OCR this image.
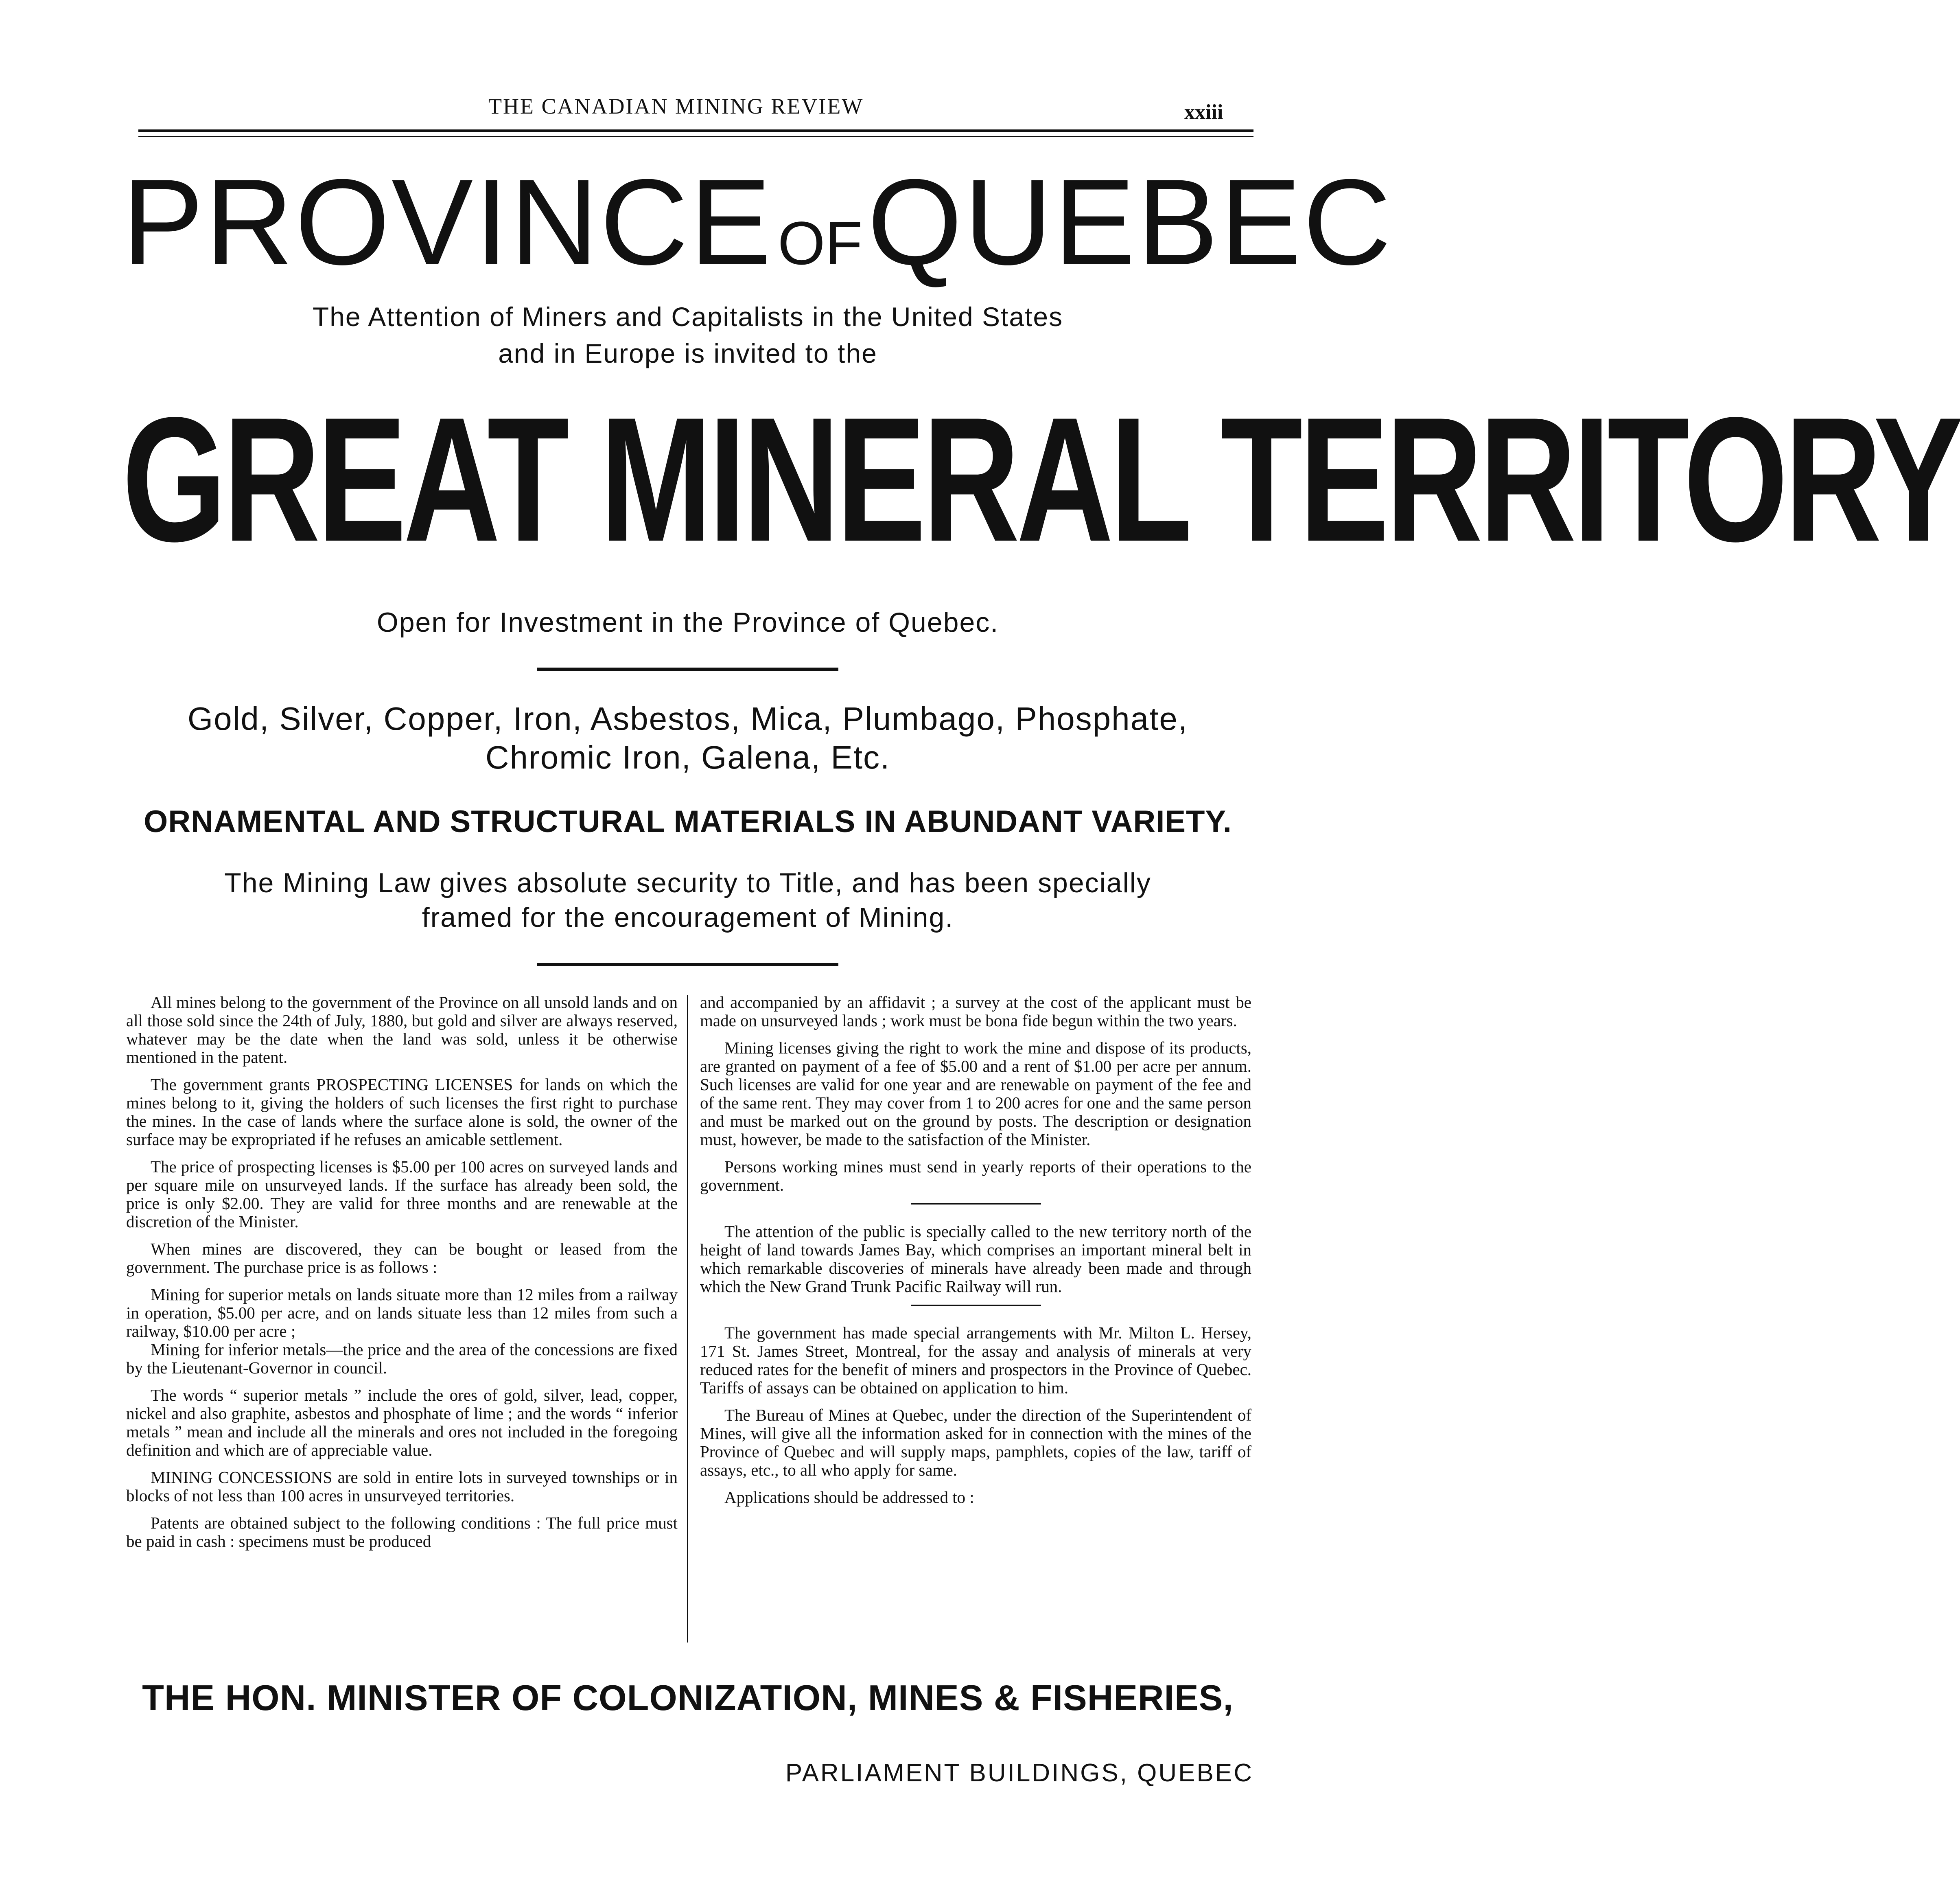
THE CANADIAN MINING REVIEW	xxiii
PROVINCEOFQUEBEC
The Attention of Miners and Capitalists in the United States
and in Europe is invited to the
GREAT MINERAL TERRITORY
Open for Investment in the Province of Quebec.
Gold, Silver, Copper, Iron, Asbestos, Mica, Plumbago, Phosphate,
Chromic Iron, Galena, Etc.
ORNAMENTAL AND STRUCTURAL MATERIALS IN ABUNDANT VARIETY.
The Mining Law gives absolute security to Title, and has been specially
framed for the encouragement of Mining.

All mines belong to the government of the Province on all unsold lands and on all those sold since the 24th of July, 1880, but gold and silver are always reserved, whatever may be the date when the land was sold, unless it be otherwise mentioned in the patent.

The government grants PROSPECTING LICENSES for lands on which the mines belong to it, giving the holders of such licenses the first right to purchase the mines. In the case of lands where the surface alone is sold, the owner of the surface may be expropriated if he refuses an amicable settlement.

The price of prospecting licenses is $5.00 per 100 acres on surveyed lands and per square mile on unsurveyed lands. If the surface has already been sold, the price is only $2.00. They are valid for three months and are renewable at the discretion of the Minister.

When mines are discovered, they can be bought or leased from the government. The purchase price is as follows :

Mining for superior metals on lands situate more than 12 miles from a railway in operation, $5.00 per acre, and on lands situate less than 12 miles from such a railway, $10.00 per acre ;

Mining for inferior metals—the price and the area of the concessions are fixed by the Lieutenant-Governor in council.

The words “ superior metals ” include the ores of gold, silver, lead, copper, nickel and also graphite, asbestos and phosphate of lime ; and the words “ inferior metals ” mean and include all the minerals and ores not included in the foregoing definition and which are of appreciable value.

MINING CONCESSIONS are sold in entire lots in surveyed townships or in blocks of not less than 100 acres in unsurveyed territories.

Patents are obtained subject to the following conditions : The full price must be paid in cash : specimens must be produced

and accompanied by an affidavit ; a survey at the cost of the applicant must be made on unsurveyed lands ; work must be bona fide begun within the two years.

Mining licenses giving the right to work the mine and dispose of its products, are granted on payment of a fee of $5.00 and a rent of $1.00 per acre per annum. Such licenses are valid for one year and are renewable on payment of the fee and of the same rent. They may cover from 1 to 200 acres for one and the same person and must be marked out on the ground by posts. The description or designation must, however, be made to the satisfaction of the Minister.

Persons working mines must send in yearly reports of their operations to the government.

The attention of the public is specially called to the new territory north of the height of land towards James Bay, which comprises an important mineral belt in which remarkable discoveries of minerals have already been made and through which the New Grand Trunk Pacific Railway will run.

The government has made special arrangements with Mr. Milton L. Hersey, 171 St. James Street, Montreal, for the assay and analysis of minerals at very reduced rates for the benefit of miners and prospectors in the Province of Quebec. Tariffs of assays can be obtained on application to him.

The Bureau of Mines at Quebec, under the direction of the Superintendent of Mines, will give all the information asked for in connection with the mines of the Province of Quebec and will supply maps, pamphlets, copies of the law, tariff of assays, etc., to all who apply for same.

Applications should be addressed to :

THE HON. MINISTER OF COLONIZATION, MINES & FISHERIES,
PARLIAMENT BUILDINGS, QUEBEC
